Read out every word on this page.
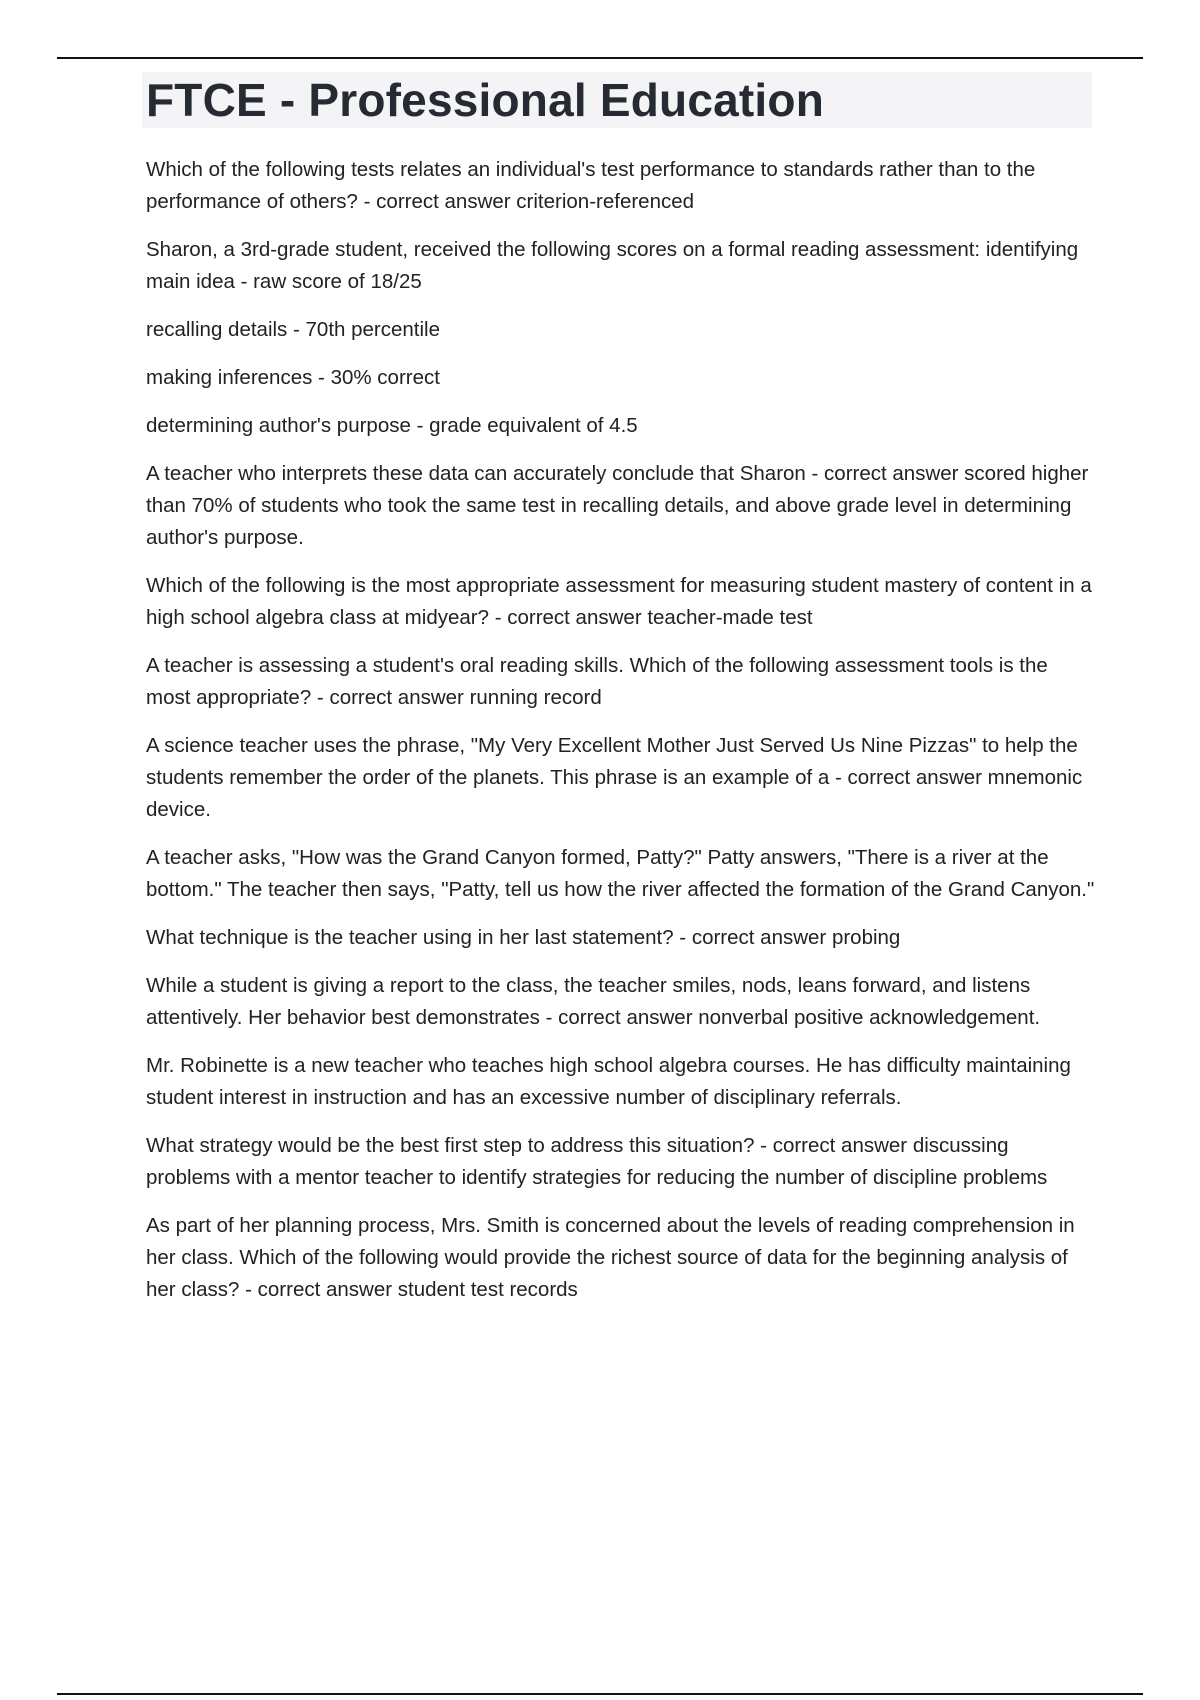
FTCE - Professional Education

Which of the following tests relates an individual's test performance to standards rather than to the performance of others? - correct answer criterion-referenced

Sharon, a 3rd-grade student, received the following scores on a formal reading assessment: identifying main idea - raw score of 18/25

recalling details - 70th percentile

making inferences - 30% correct

determining author's purpose - grade equivalent of 4.5

A teacher who interprets these data can accurately conclude that Sharon - correct answer scored higher than 70% of students who took the same test in recalling details, and above grade level in determining author's purpose.

Which of the following is the most appropriate assessment for measuring student mastery of content in a high school algebra class at midyear? - correct answer teacher-made test

A teacher is assessing a student's oral reading skills. Which of the following assessment tools is the most appropriate? - correct answer running record

A science teacher uses the phrase, "My Very Excellent Mother Just Served Us Nine Pizzas" to help the students remember the order of the planets. This phrase is an example of a - correct answer mnemonic device.

A teacher asks, "How was the Grand Canyon formed, Patty?" Patty answers, "There is a river at the bottom." The teacher then says, "Patty, tell us how the river affected the formation of the Grand Canyon."

What technique is the teacher using in her last statement? - correct answer probing

While a student is giving a report to the class, the teacher smiles, nods, leans forward, and listens attentively. Her behavior best demonstrates - correct answer nonverbal positive acknowledgement.

Mr. Robinette is a new teacher who teaches high school algebra courses. He has difficulty maintaining student interest in instruction and has an excessive number of disciplinary referrals.

What strategy would be the best first step to address this situation? - correct answer discussing problems with a mentor teacher to identify strategies for reducing the number of discipline problems

As part of her planning process, Mrs. Smith is concerned about the levels of reading comprehension in her class. Which of the following would provide the richest source of data for the beginning analysis of her class? - correct answer student test records
